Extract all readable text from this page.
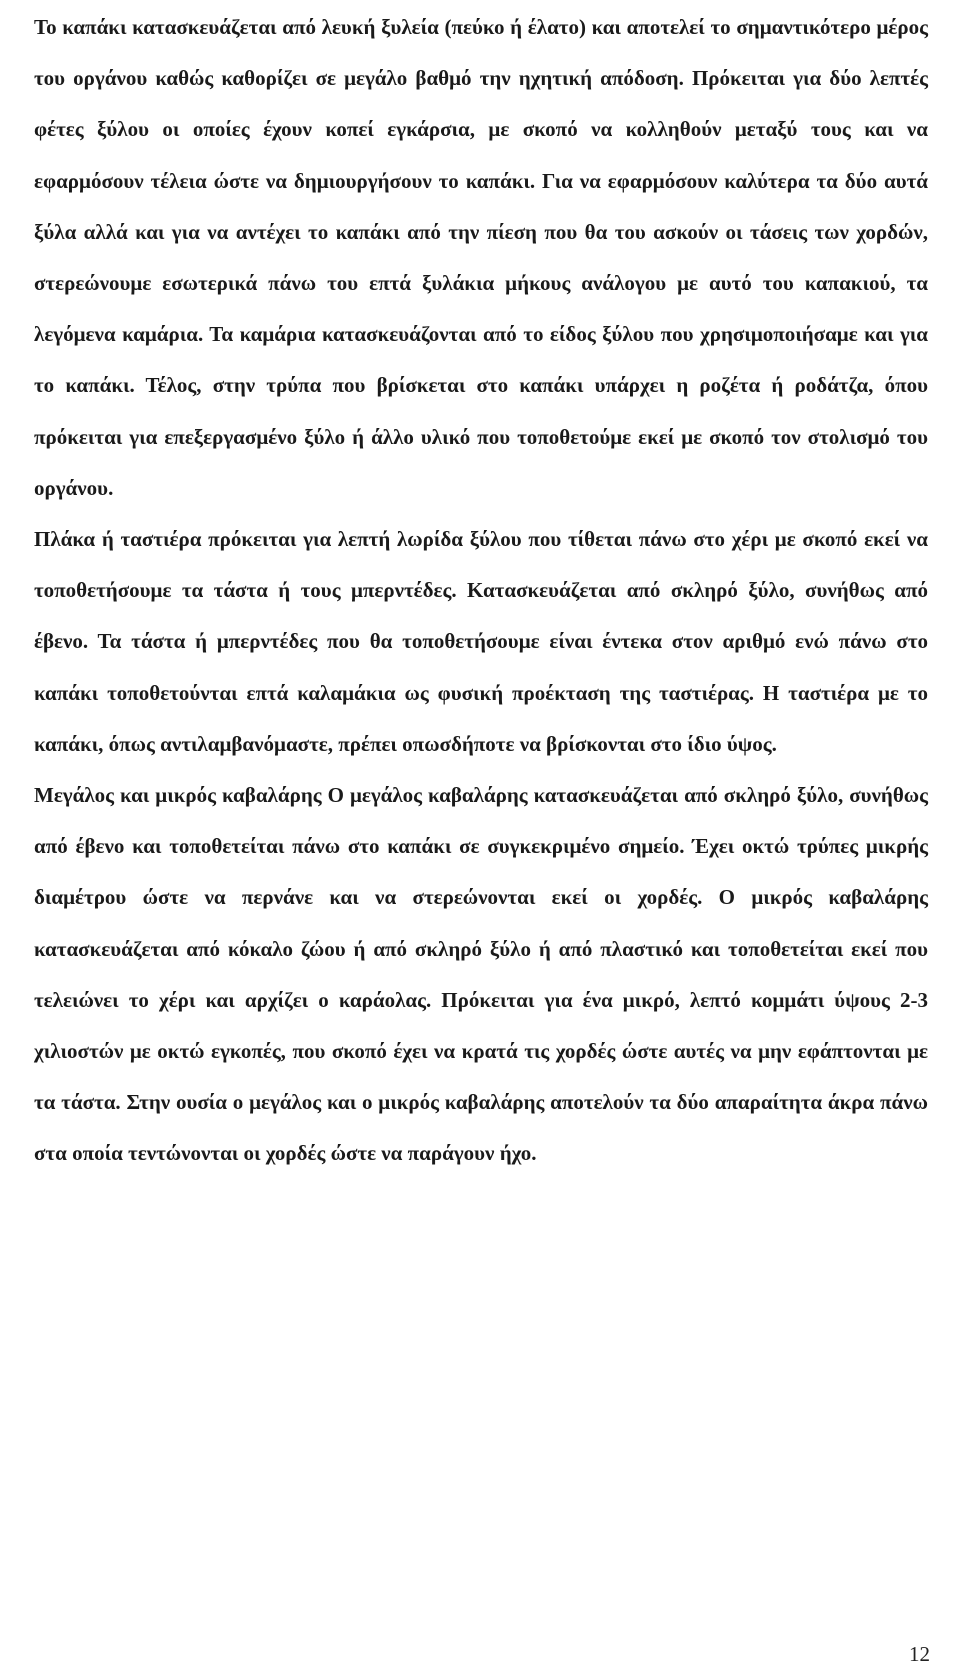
Το καπάκι κατασκευάζεται από λευκή ξυλεία (πεύκο ή έλατο) και αποτελεί το σημαντικότερο μέρος του οργάνου καθώς καθορίζει σε μεγάλο βαθμό την ηχητική απόδοση. Πρόκειται για δύο λεπτές φέτες ξύλου οι οποίες έχουν κοπεί εγκάρσια, με σκοπό να κολληθούν μεταξύ τους και να εφαρμόσουν τέλεια ώστε να δημιουργήσουν το καπάκι. Για να εφαρμόσουν καλύτερα τα δύο αυτά ξύλα αλλά και για να αντέχει το καπάκι από την πίεση που θα του ασκούν οι τάσεις των χορδών, στερεώνουμε εσωτερικά πάνω του επτά ξυλάκια μήκους ανάλογου με αυτό του καπακιού, τα λεγόμενα καμάρια. Τα καμάρια κατασκευάζονται από το είδος ξύλου που χρησιμοποιήσαμε και για το καπάκι. Τέλος, στην τρύπα που βρίσκεται στο καπάκι υπάρχει η ροζέτα ή ροδάτζα, όπου πρόκειται για επεξεργασμένο ξύλο ή άλλο υλικό που τοποθετούμε εκεί με σκοπό τον στολισμό του οργάνου.

Πλάκα ή ταστιέρα πρόκειται για λεπτή λωρίδα ξύλου που τίθεται πάνω στο χέρι με σκοπό εκεί να τοποθετήσουμε τα τάστα ή τους μπερντέδες. Κατασκευάζεται από σκληρό ξύλο, συνήθως από έβενο. Τα τάστα ή μπερντέδες που θα τοποθετήσουμε είναι έντεκα στον αριθμό ενώ πάνω στο καπάκι τοποθετούνται επτά καλαμάκια ως φυσική προέκταση της ταστιέρας. Η ταστιέρα με το καπάκι, όπως αντιλαμβανόμαστε, πρέπει οπωσδήποτε να βρίσκονται στο ίδιο ύψος.

Μεγάλος και μικρός καβαλάρης Ο μεγάλος καβαλάρης κατασκευάζεται από σκληρό ξύλο, συνήθως από έβενο και τοποθετείται πάνω στο καπάκι σε συγκεκριμένο σημείο. Έχει οκτώ τρύπες μικρής διαμέτρου ώστε να περνάνε και να στερεώνονται εκεί οι χορδές. Ο μικρός καβαλάρης κατασκευάζεται από κόκαλο ζώου ή από σκληρό ξύλο ή από πλαστικό και τοποθετείται εκεί που τελειώνει το χέρι και αρχίζει ο καράολας. Πρόκειται για ένα μικρό, λεπτό κομμάτι ύψους 2-3 χιλιοστών με οκτώ εγκοπές, που σκοπό έχει να κρατά τις χορδές ώστε αυτές να μην εφάπτονται με τα τάστα. Στην ουσία ο μεγάλος και ο μικρός καβαλάρης αποτελούν τα δύο απαραίτητα άκρα πάνω στα οποία τεντώνονται οι χορδές ώστε να παράγουν ήχο.

12
